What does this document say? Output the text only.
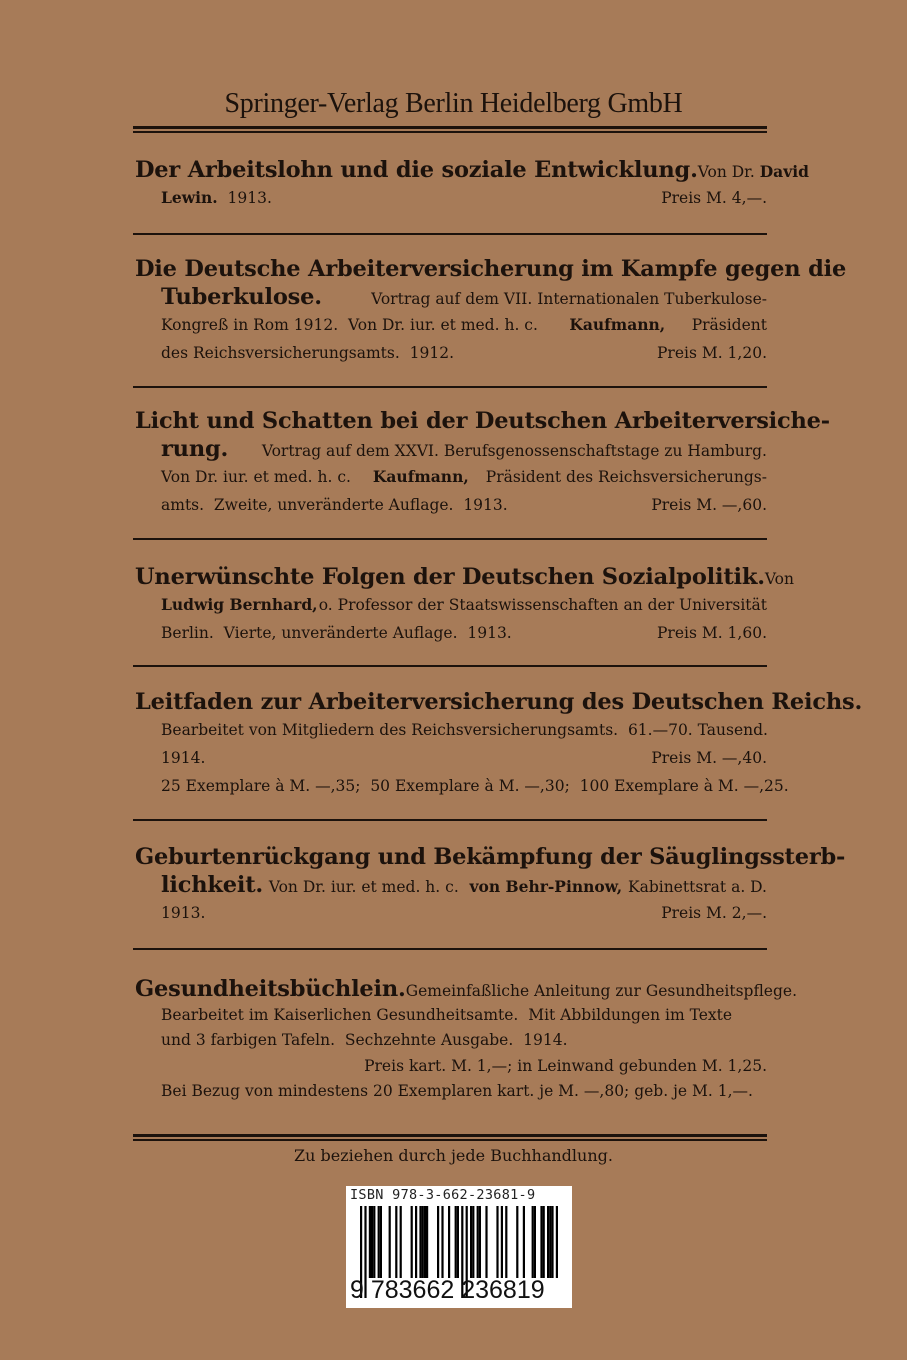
Springer-Verlag Berlin Heidelberg GmbH
Der Arbeitslohn und die soziale Entwicklung. Von Dr. David
Lewin.  1913.	Preis M. 4,—.
Die Deutsche Arbeiterversicherung im Kampfe gegen die
Tuberkulose.	Vortrag auf dem VII. Internationalen Tuberkulose-
Kongreß in Rom 1912.  Von Dr. iur. et med. h. c. Kaufmann, Präsident
des Reichsversicherungsamts.  1912.	Preis M. 1,20.
Licht und Schatten bei der Deutschen Arbeiterversiche-
rung. Vortrag auf dem XXVI. Berufsgenossenschaftstage zu Hamburg.
Von Dr. iur. et med. h. c. Kaufmann, Präsident des Reichsversicherungs-
amts.  Zweite, unveränderte Auflage.  1913.	Preis M. —,60.
Unerwünschte Folgen der Deutschen Sozialpolitik. Von
Ludwig Bernhard, o. Professor der Staatswissenschaften an der Universität
Berlin.  Vierte, unveränderte Auflage.  1913.	Preis M. 1,60.
Leitfaden zur Arbeiterversicherung des Deutschen Reichs.
Bearbeitet von Mitgliedern des Reichsversicherungsamts.  61.—70. Tausend.
1914.	Preis M. —,40.
25 Exemplare à M. —,35;  50 Exemplare à M. —,30;  100 Exemplare à M. —,25.
Geburtenrückgang und Bekämpfung der Säuglingssterb-
lichkeit. Von Dr. iur. et med. h. c. von Behr-Pinnow, Kabinettsrat a. D.
1913.	Preis M. 2,—.
Gesundheitsbüchlein. Gemeinfaßliche Anleitung zur Gesundheitspflege.
Bearbeitet im Kaiserlichen Gesundheitsamte.  Mit Abbildungen im Texte
und 3 farbigen Tafeln.  Sechzehnte Ausgabe.  1914.
Preis kart. M. 1,—; in Leinwand gebunden M. 1,25.
Bei Bezug von mindestens 20 Exemplaren kart. je M. —,80; geb. je M. 1,—.
Zu beziehen durch jede Buchhandlung.
ISBN 978-3-662-23681-9
9 783662 236819
